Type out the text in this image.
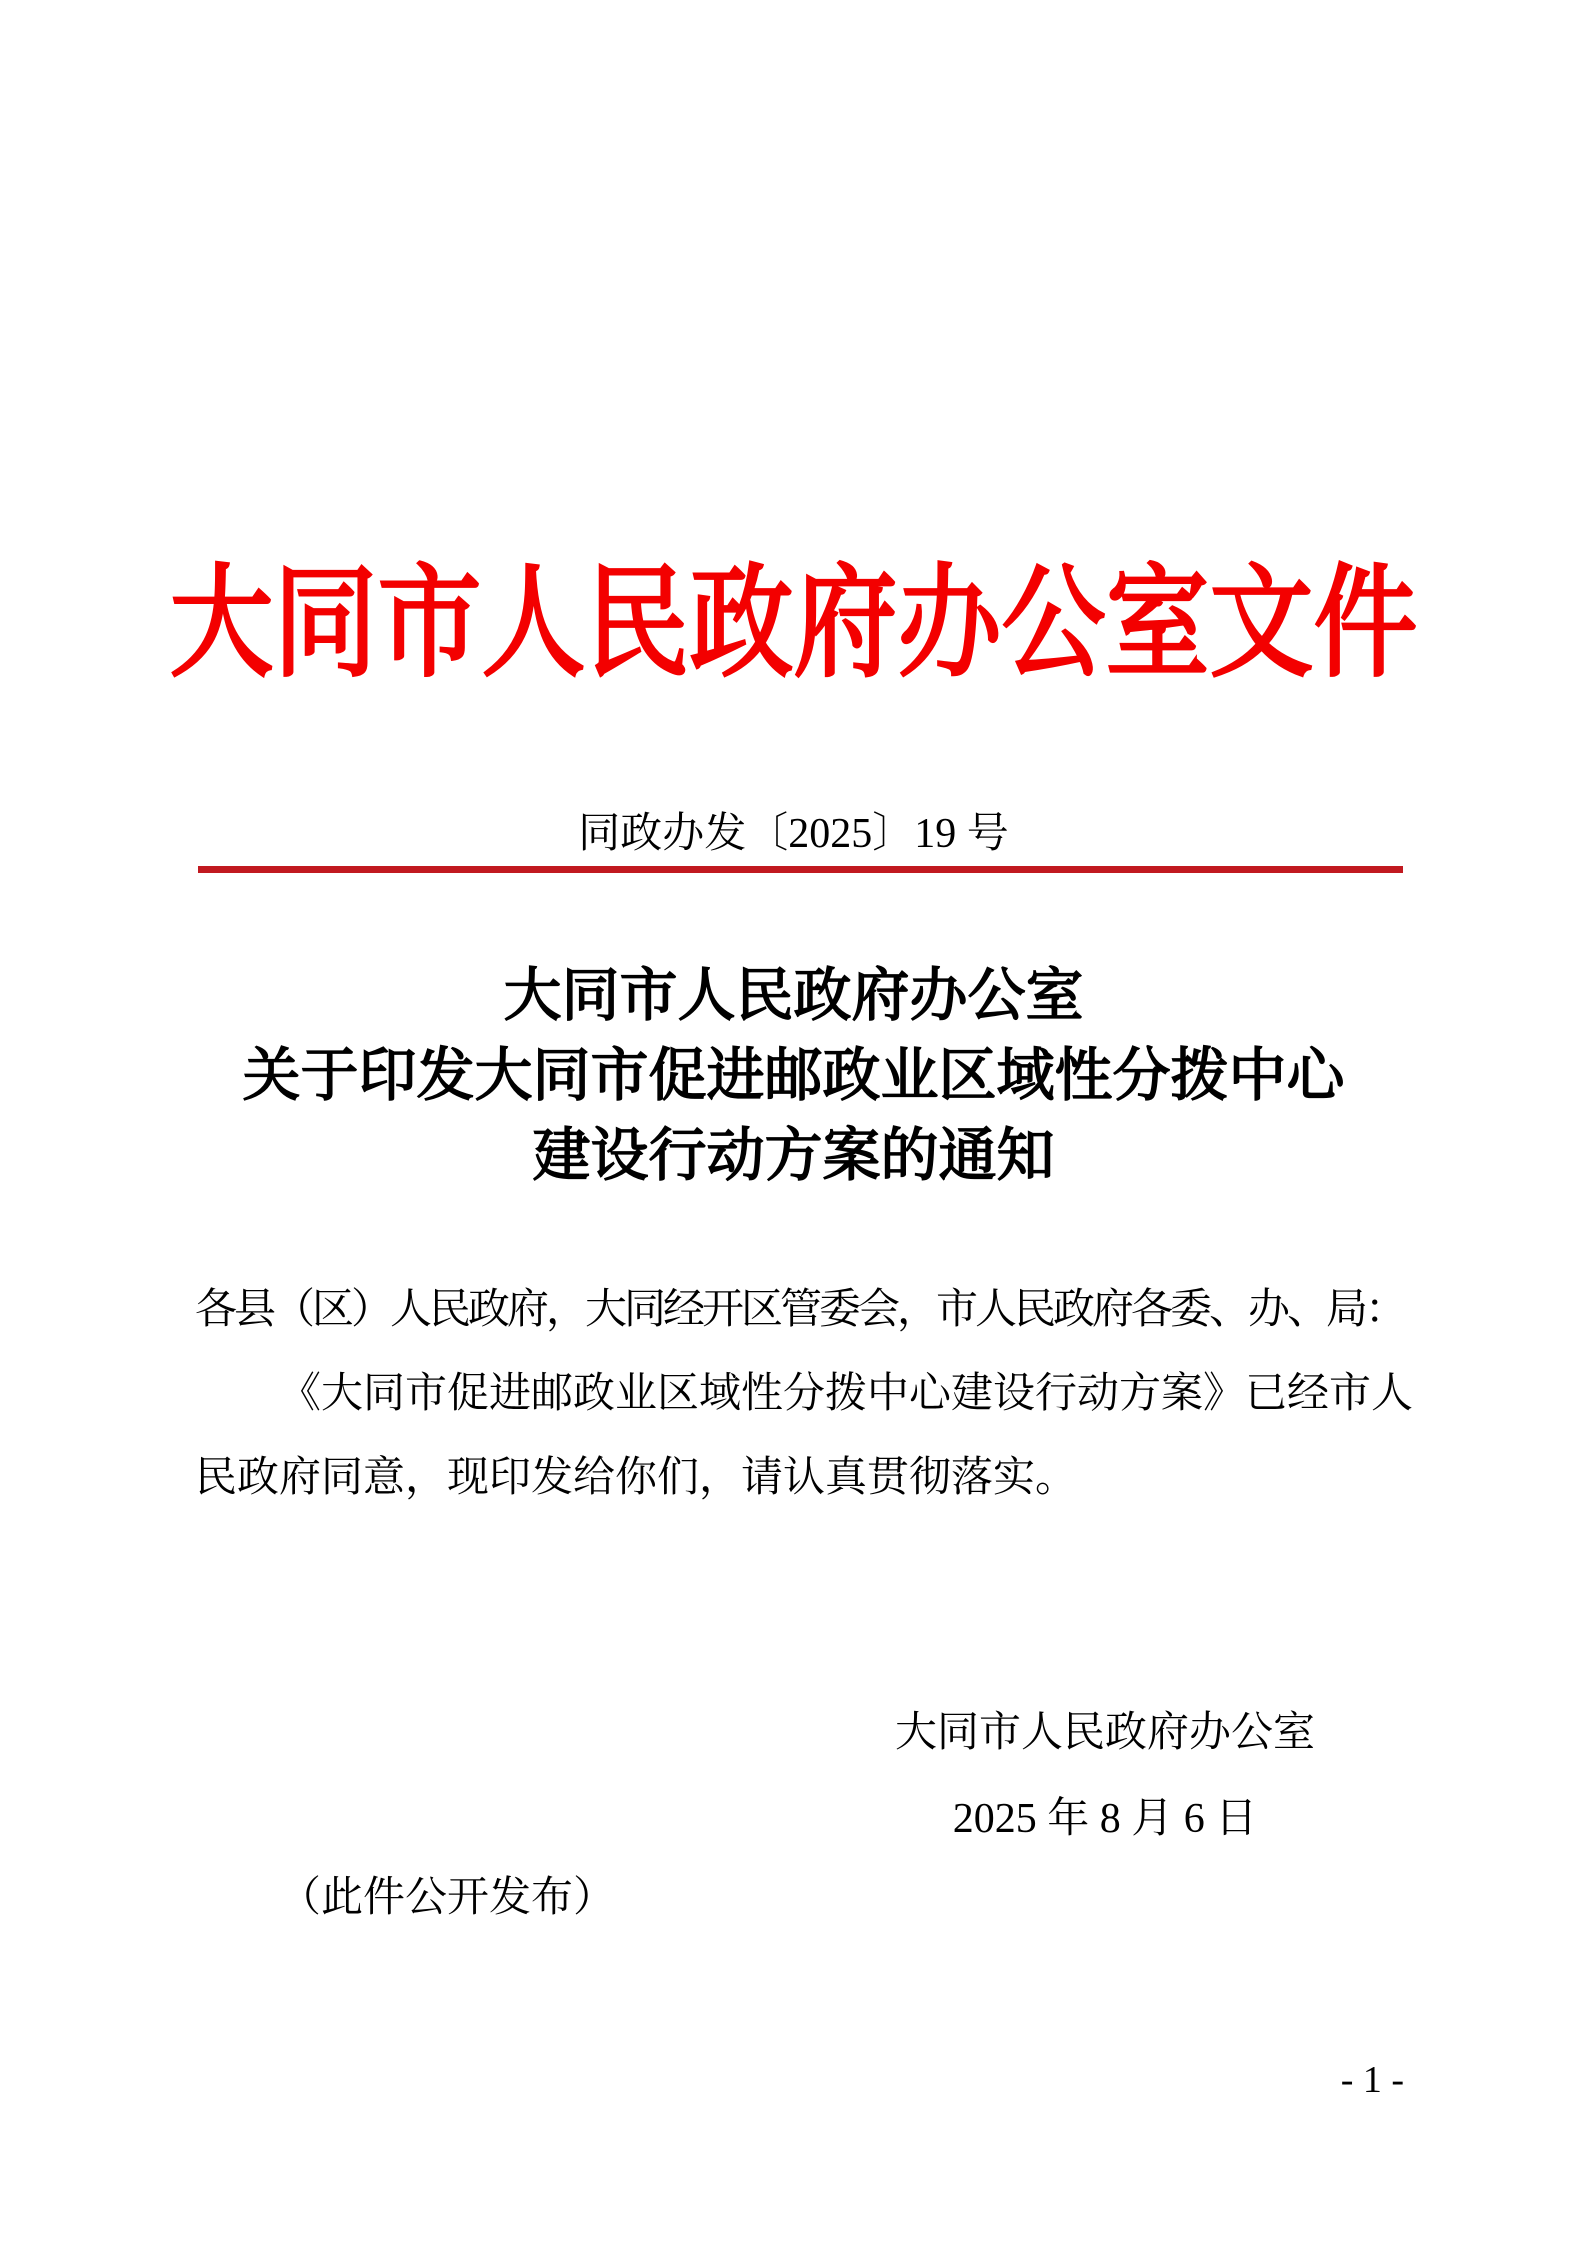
大同市人民政府办公室文件
同政办发〔2025〕19 号
大同市人民政府办公室
关于印发大同市促进邮政业区域性分拨中心
建设行动方案的通知

各县（区）人民政府，大同经开区管委会，市人民政府各委、办、局：

《大同市促进邮政业区域性分拨中心建设行动方案》已经市人民政府同意，现印发给你们，请认真贯彻落实。

大同市人民政府办公室
2025 年 8 月 6 日
（此件公开发布）
- 1 -
